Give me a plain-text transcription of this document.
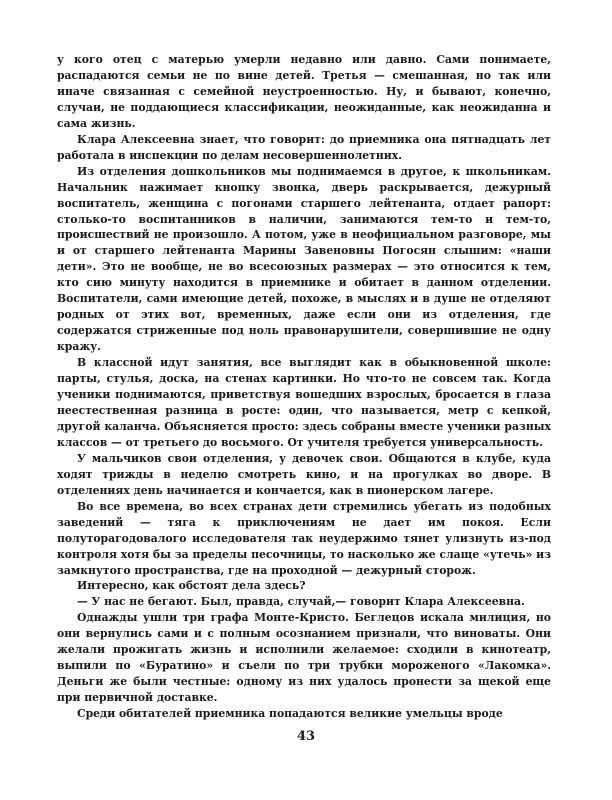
у кого отец с матерью умерли недавно или давно. Сами понимаете, распадаются семьи не по вине детей. Третья — смешанная, но так или иначе связанная с семейной неустроенностью. Ну, и бывают, конечно, случаи, не поддающиеся классификации, неожиданные, как неожиданна и сама жизнь.

Клара Алексеевна знает, что говорит: до приемника она пятнадцать лет работала в инспекции по делам несовершеннолетних.

Из отделения дошкольников мы поднимаемся в другое, к школьникам. Начальник нажимает кнопку звонка, дверь раскрывается, дежурный воспитатель, женщина с погонами старшего лейтенанта, отдает рапорт: столько-то воспитанников в наличии, занимаются тем-то и тем-то, происшествий не произошло. А потом, уже в неофициальном разговоре, мы и от старшего лейтенанта Марины Завеновны Погосян слышим: «наши дети». Это не вообще, не во всесоюзных размерах — это относится к тем, кто сию минуту находится в приемнике и обитает в данном отделении. Воспитатели, сами имеющие детей, похоже, в мыслях и в душе не отделяют родных от этих вот, временных, даже если они из отделения, где содержатся стриженные под ноль правонарушители, совершившие не одну кражу.

В классной идут занятия, все выглядит как в обыкновенной школе: парты, стулья, доска, на стенах картинки. Но что-то не совсем так. Когда ученики поднимаются, приветствуя вошедших взрослых, бросается в глаза неестественная разница в росте: один, что называется, метр с кепкой, другой каланча. Объясняется просто: здесь собраны вместе ученики разных классов — от третьего до восьмого. От учителя требуется универсальность.

У мальчиков свои отделения, у девочек свои. Общаются в клубе, куда ходят трижды в неделю смотреть кино, и на прогулках во дворе. В отделениях день начинается и кончается, как в пионерском лагере.

Во все времена, во всех странах дети стремились убегать из подобных заведений — тяга к приключениям не дает им покоя. Если полуторагодовалого исследователя так неудержимо тянет улизнуть из-под контроля хотя бы за пределы песочницы, то насколько же слаще «утечь» из замкнутого пространства, где на проходной — дежурный сторож.

Интересно, как обстоят дела здесь?

— У нас не бегают. Был, правда, случай,— говорит Клара Алексеевна.

Однажды ушли три графа Монте-Кристо. Беглецов искала милиция, но они вернулись сами и с полным осознанием признали, что виноваты. Они желали прожигать жизнь и исполнили желаемое: сходили в кинотеатр, выпили по «Буратино» и съели по три трубки мороженого «Лакомка». Деньги же были честные: одному из них удалось пронести за щекой еще при первичной доставке.

Среди обитателей приемника попадаются великие умельцы вроде

43
